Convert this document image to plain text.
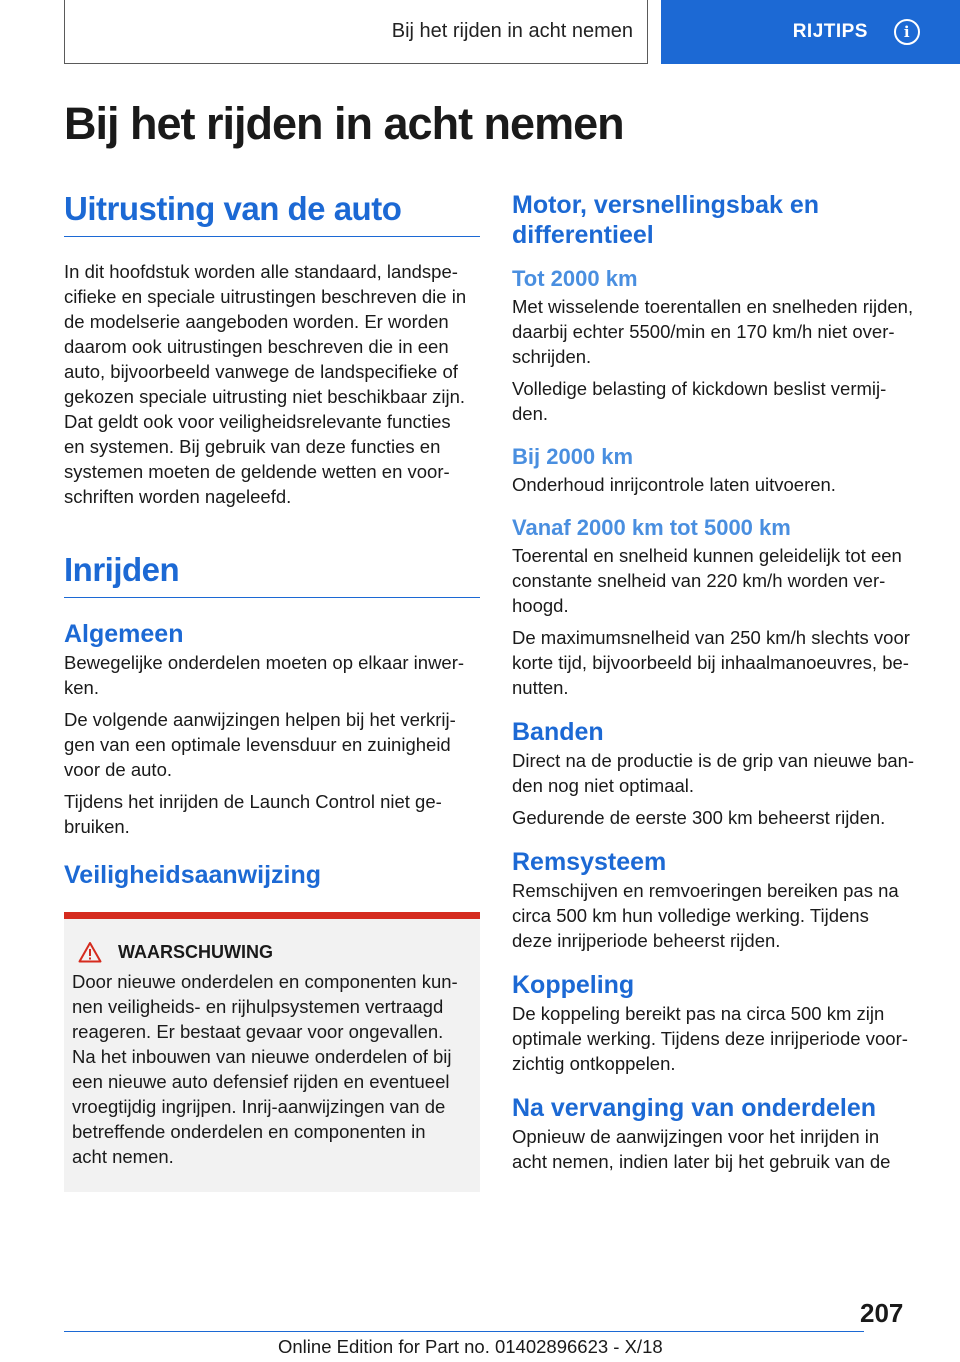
Bij het rijden in acht nemen	RIJTIPS	i
Bij het rijden in acht nemen
Uitrusting van de auto

In dit hoofdstuk worden alle standaard, landspe-
cifieke en speciale uitrustingen beschreven die in
de modelserie aangeboden worden. Er worden
daarom ook uitrustingen beschreven die in een
auto, bijvoorbeeld vanwege de landspecifieke of
gekozen speciale uitrusting niet beschikbaar zijn.
Dat geldt ook voor veiligheidsrelevante functies
en systemen. Bij gebruik van deze functies en
systemen moeten de geldende wetten en voor-
schriften worden nageleefd.

Inrijden
Algemeen

Bewegelijke onderdelen moeten op elkaar inwer-
ken.

De volgende aanwijzingen helpen bij het verkrij-
gen van een optimale levensduur en zuinigheid
voor de auto.

Tijdens het inrijden de Launch Control niet ge-
bruiken.

Veiligheidsaanwijzing
WAARSCHUWING

Door nieuwe onderdelen en componenten kun-
nen veiligheids- en rijhulpsystemen vertraagd
reageren. Er bestaat gevaar voor ongevallen.
Na het inbouwen van nieuwe onderdelen of bij
een nieuwe auto defensief rijden en eventueel
vroegtijdig ingrijpen. Inrij-aanwijzingen van de
betreffende onderdelen en componenten in
acht nemen.

Motor, versnellingsbak en
differentieel
Tot 2000 km

Met wisselende toerentallen en snelheden rijden,
daarbij echter 5500/min en 170 km/h niet over-
schrijden.

Volledige belasting of kickdown beslist vermij-
den.

Bij 2000 km

Onderhoud inrijcontrole laten uitvoeren.

Vanaf 2000 km tot 5000 km

Toerental en snelheid kunnen geleidelijk tot een
constante snelheid van 220 km/h worden ver-
hoogd.

De maximumsnelheid van 250 km/h slechts voor
korte tijd, bijvoorbeeld bij inhaalmanoeuvres, be-
nutten.

Banden

Direct na de productie is de grip van nieuwe ban-
den nog niet optimaal.

Gedurende de eerste 300 km beheerst rijden.

Remsysteem

Remschijven en remvoeringen bereiken pas na
circa 500 km hun volledige werking. Tijdens
deze inrijperiode beheerst rijden.

Koppeling

De koppeling bereikt pas na circa 500 km zijn
optimale werking. Tijdens deze inrijperiode voor-
zichtig ontkoppelen.

Na vervanging van onderdelen

Opnieuw de aanwijzingen voor het inrijden in
acht nemen, indien later bij het gebruik van de

207
Online Edition for Part no. 01402896623 - X/18
